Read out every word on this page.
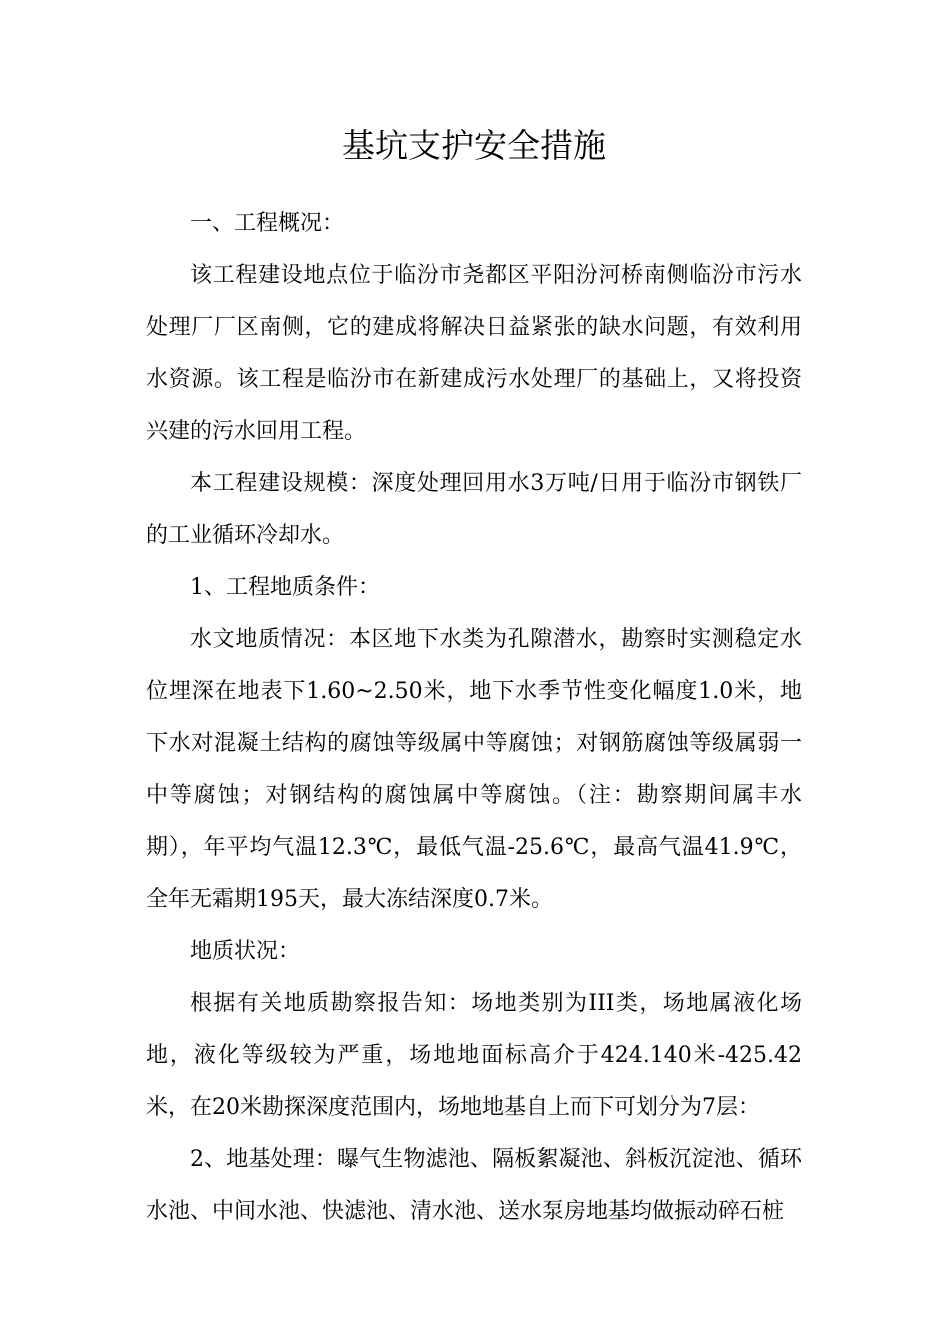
基坑支护安全措施

一、工程概况：

该工程建设地点位于临汾市尧都区平阳汾河桥南侧临汾市污水处理厂厂区南侧，它的建成将解决日益紧张的缺水问题，有效利用水资源。该工程是临汾市在新建成污水处理厂的基础上，又将投资兴建的污水回用工程。

本工程建设规模：深度处理回用水3万吨/日用于临汾市钢铁厂的工业循环冷却水。

1、工程地质条件：

水文地质情况：本区地下水类为孔隙潜水，勘察时实测稳定水位埋深在地表下1.60~2.50米，地下水季节性变化幅度1.0米，地下水对混凝土结构的腐蚀等级属中等腐蚀；对钢筋腐蚀等级属弱一中等腐蚀；对钢结构的腐蚀属中等腐蚀。（注：勘察期间属丰水期），年平均气温12.3℃，最低气温-25.6℃，最高气温41.9℃，全年无霜期195天，最大冻结深度0.7米。

地质状况：

根据有关地质勘察报告知：场地类别为III类，场地属液化场地，液化等级较为严重，场地地面标高介于424.140米-425.42米，在20米勘探深度范围内，场地地基自上而下可划分为7层：

2、地基处理：曝气生物滤池、隔板絮凝池、斜板沉淀池、循环水池、中间水池、快滤池、清水池、送水泵房地基均做振动碎石桩
